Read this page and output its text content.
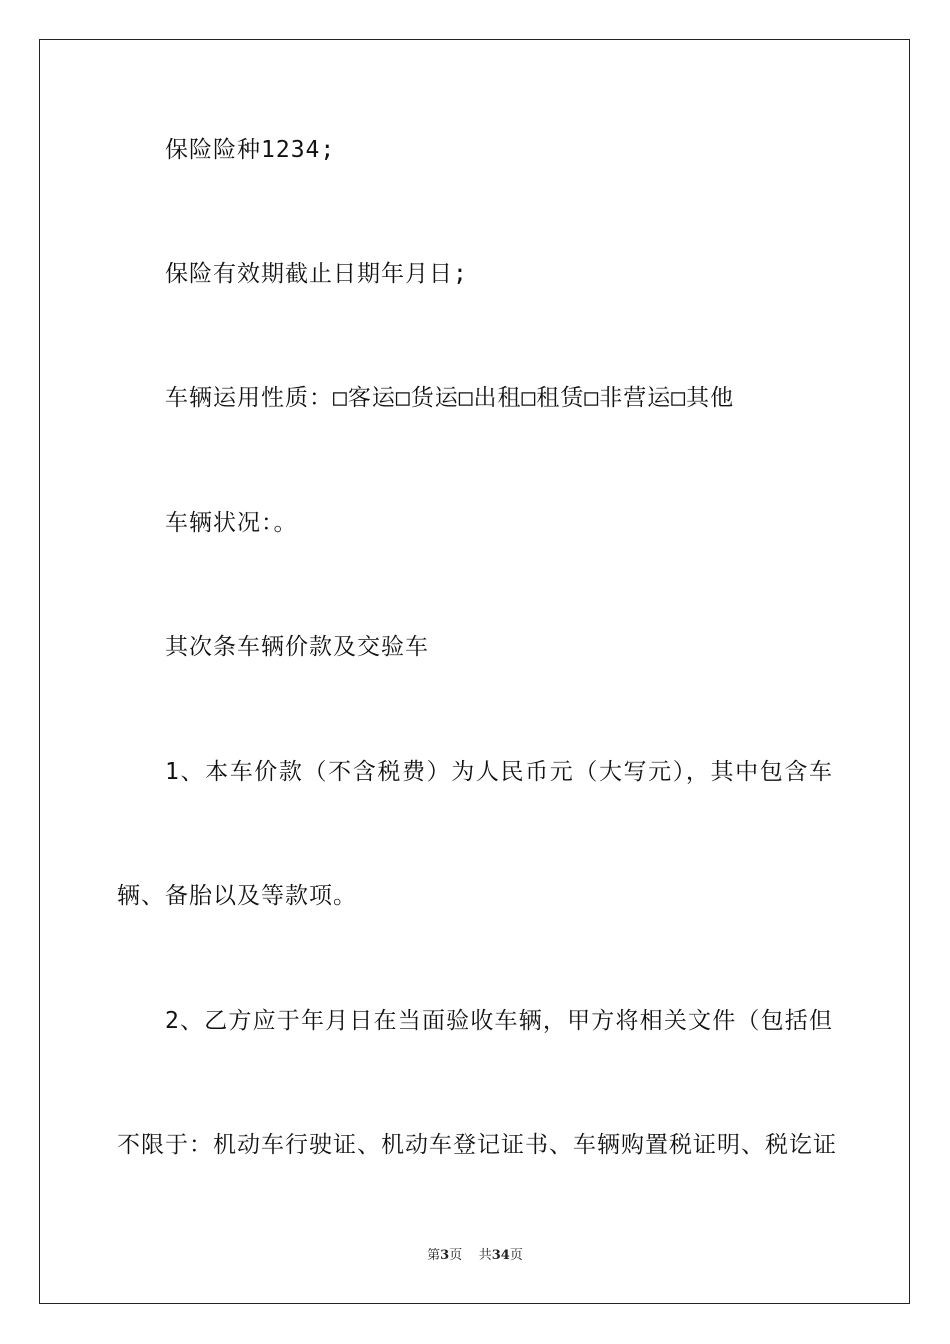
保险险种1234;
保险有效期截止日期年月日;
车辆运用性质：□客运□货运□出租□租赁□非营运□其他
车辆状况：。
其次条车辆价款及交验车
1、本车价款（不含税费）为人民币元（大写元），其中包含车
辆、备胎以及等款项。
2、乙方应于年月日在当面验收车辆，甲方将相关文件（包括但
不限于：机动车行驶证、机动车登记证书、车辆购置税证明、税讫证
第3页 共34页
